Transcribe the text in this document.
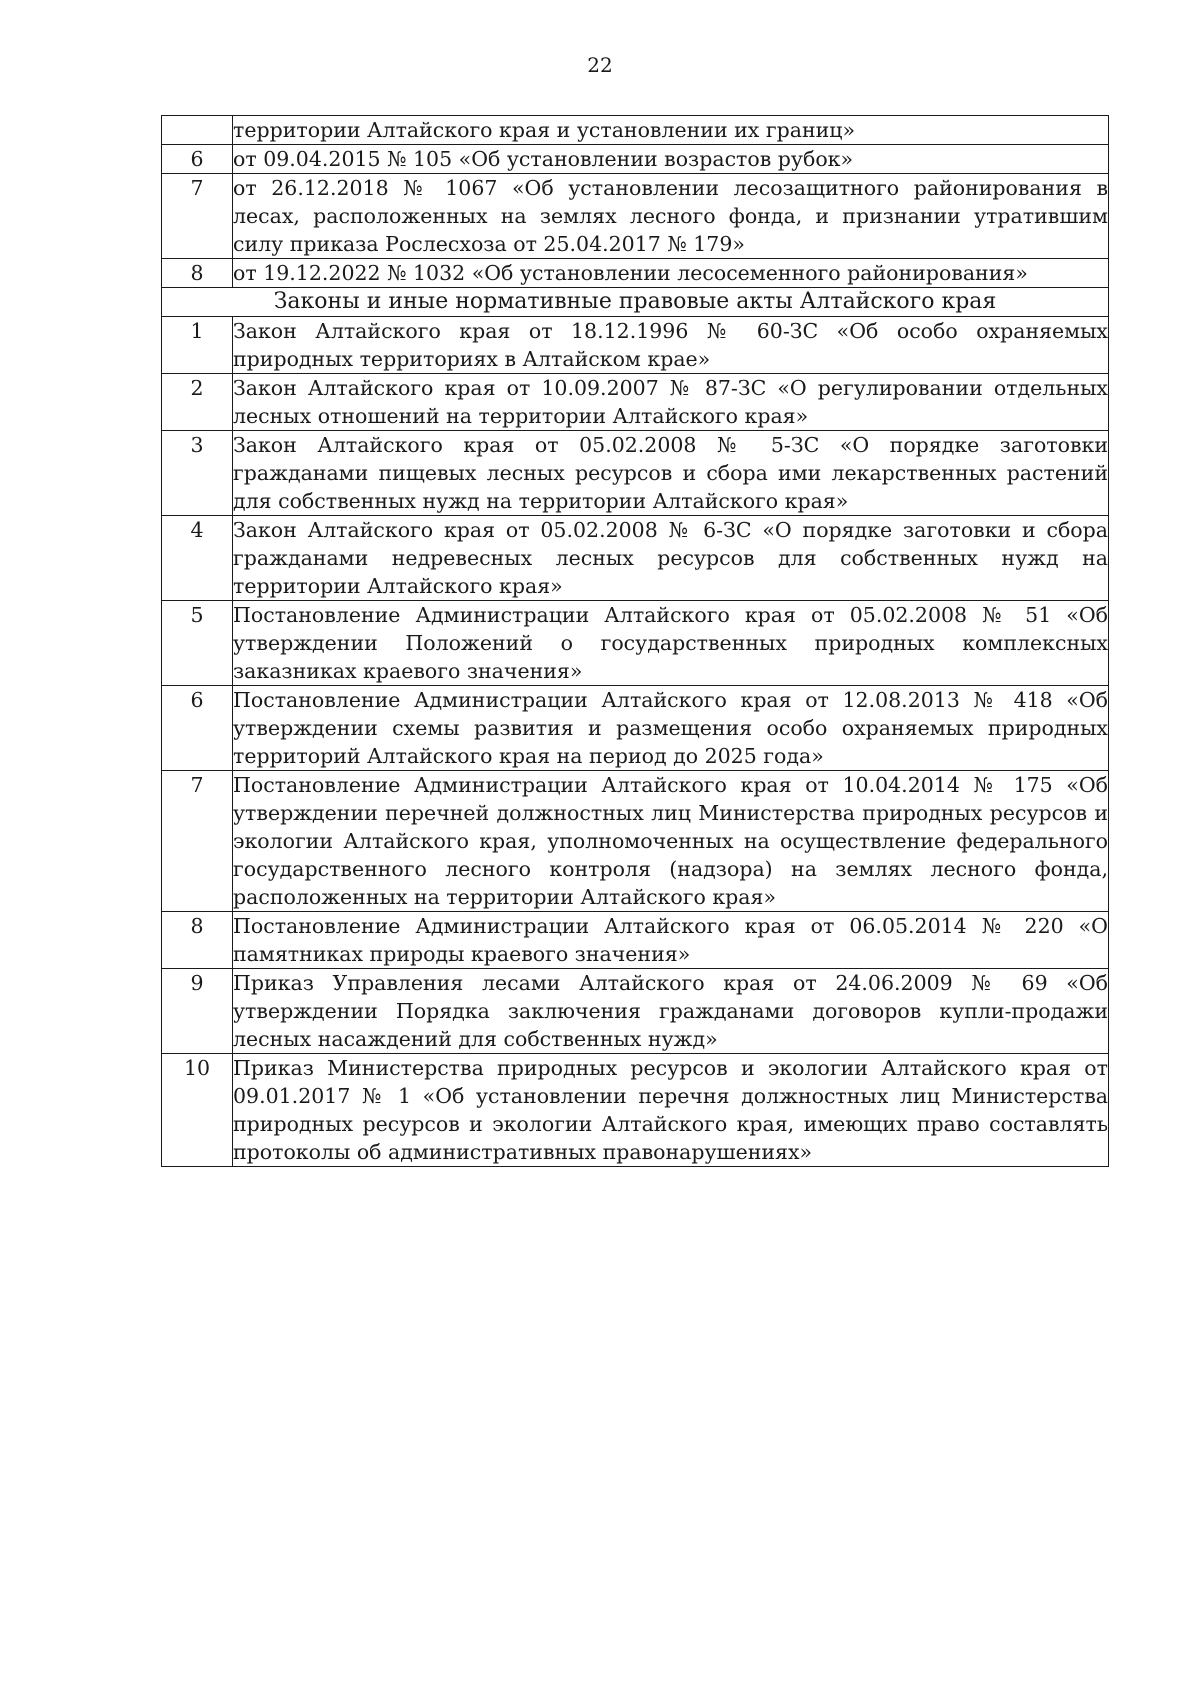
22
	территории Алтайского края и установлении их границ»
6	от 09.04.2015 № 105 «Об установлении возрастов рубок»
7	от 26.12.2018 № 1067 «Об установлении лесозащитного районирования в лесах, расположенных на землях лесного фонда, и признании утратившим силу приказа Рослесхоза от 25.04.2017 № 179»
8	от 19.12.2022 № 1032 «Об установлении лесосеменного районирования»
Законы и иные нормативные правовые акты Алтайского края	
1	Закон Алтайского края от 18.12.1996 № 60-ЗС «Об особо охраняемых природных территориях в Алтайском крае»
2	Закон Алтайского края от 10.09.2007 № 87-ЗС «О регулировании отдельных лесных отношений на территории Алтайского края»
3	Закон Алтайского края от 05.02.2008 № 5-ЗС «О порядке заготовки гражданами пищевых лесных ресурсов и сбора ими лекарственных растений для собственных нужд на территории Алтайского края»
4	Закон Алтайского края от 05.02.2008 № 6-ЗС «О порядке заготовки и сбора гражданами недревесных лесных ресурсов для собственных нужд на территории Алтайского края»
5	Постановление Администрации Алтайского края от 05.02.2008 № 51 «Об утверждении Положений о государственных природных комплексных заказниках краевого значения»
6	Постановление Администрации Алтайского края от 12.08.2013 № 418 «Об утверждении схемы развития и размещения особо охраняемых природных территорий Алтайского края на период до 2025 года»
7	Постановление Администрации Алтайского края от 10.04.2014 № 175 «Об утверждении перечней должностных лиц Министерства природных ресурсов и экологии Алтайского края, уполномоченных на осуществление федерального государственного лесного контроля (надзора) на землях лесного фонда, расположенных на территории Алтайского края»
8	Постановление Администрации Алтайского края от 06.05.2014 № 220 «О памятниках природы краевого значения»
9	Приказ Управления лесами Алтайского края от 24.06.2009 № 69 «Об утверждении Порядка заключения гражданами договоров купли-продажи лесных насаждений для собственных нужд»
10	Приказ Министерства природных ресурсов и экологии Алтайского края от 09.01.2017 № 1 «Об установлении перечня должностных лиц Министерства природных ресурсов и экологии Алтайского края, имеющих право составлять протоколы об административных правонарушениях»
